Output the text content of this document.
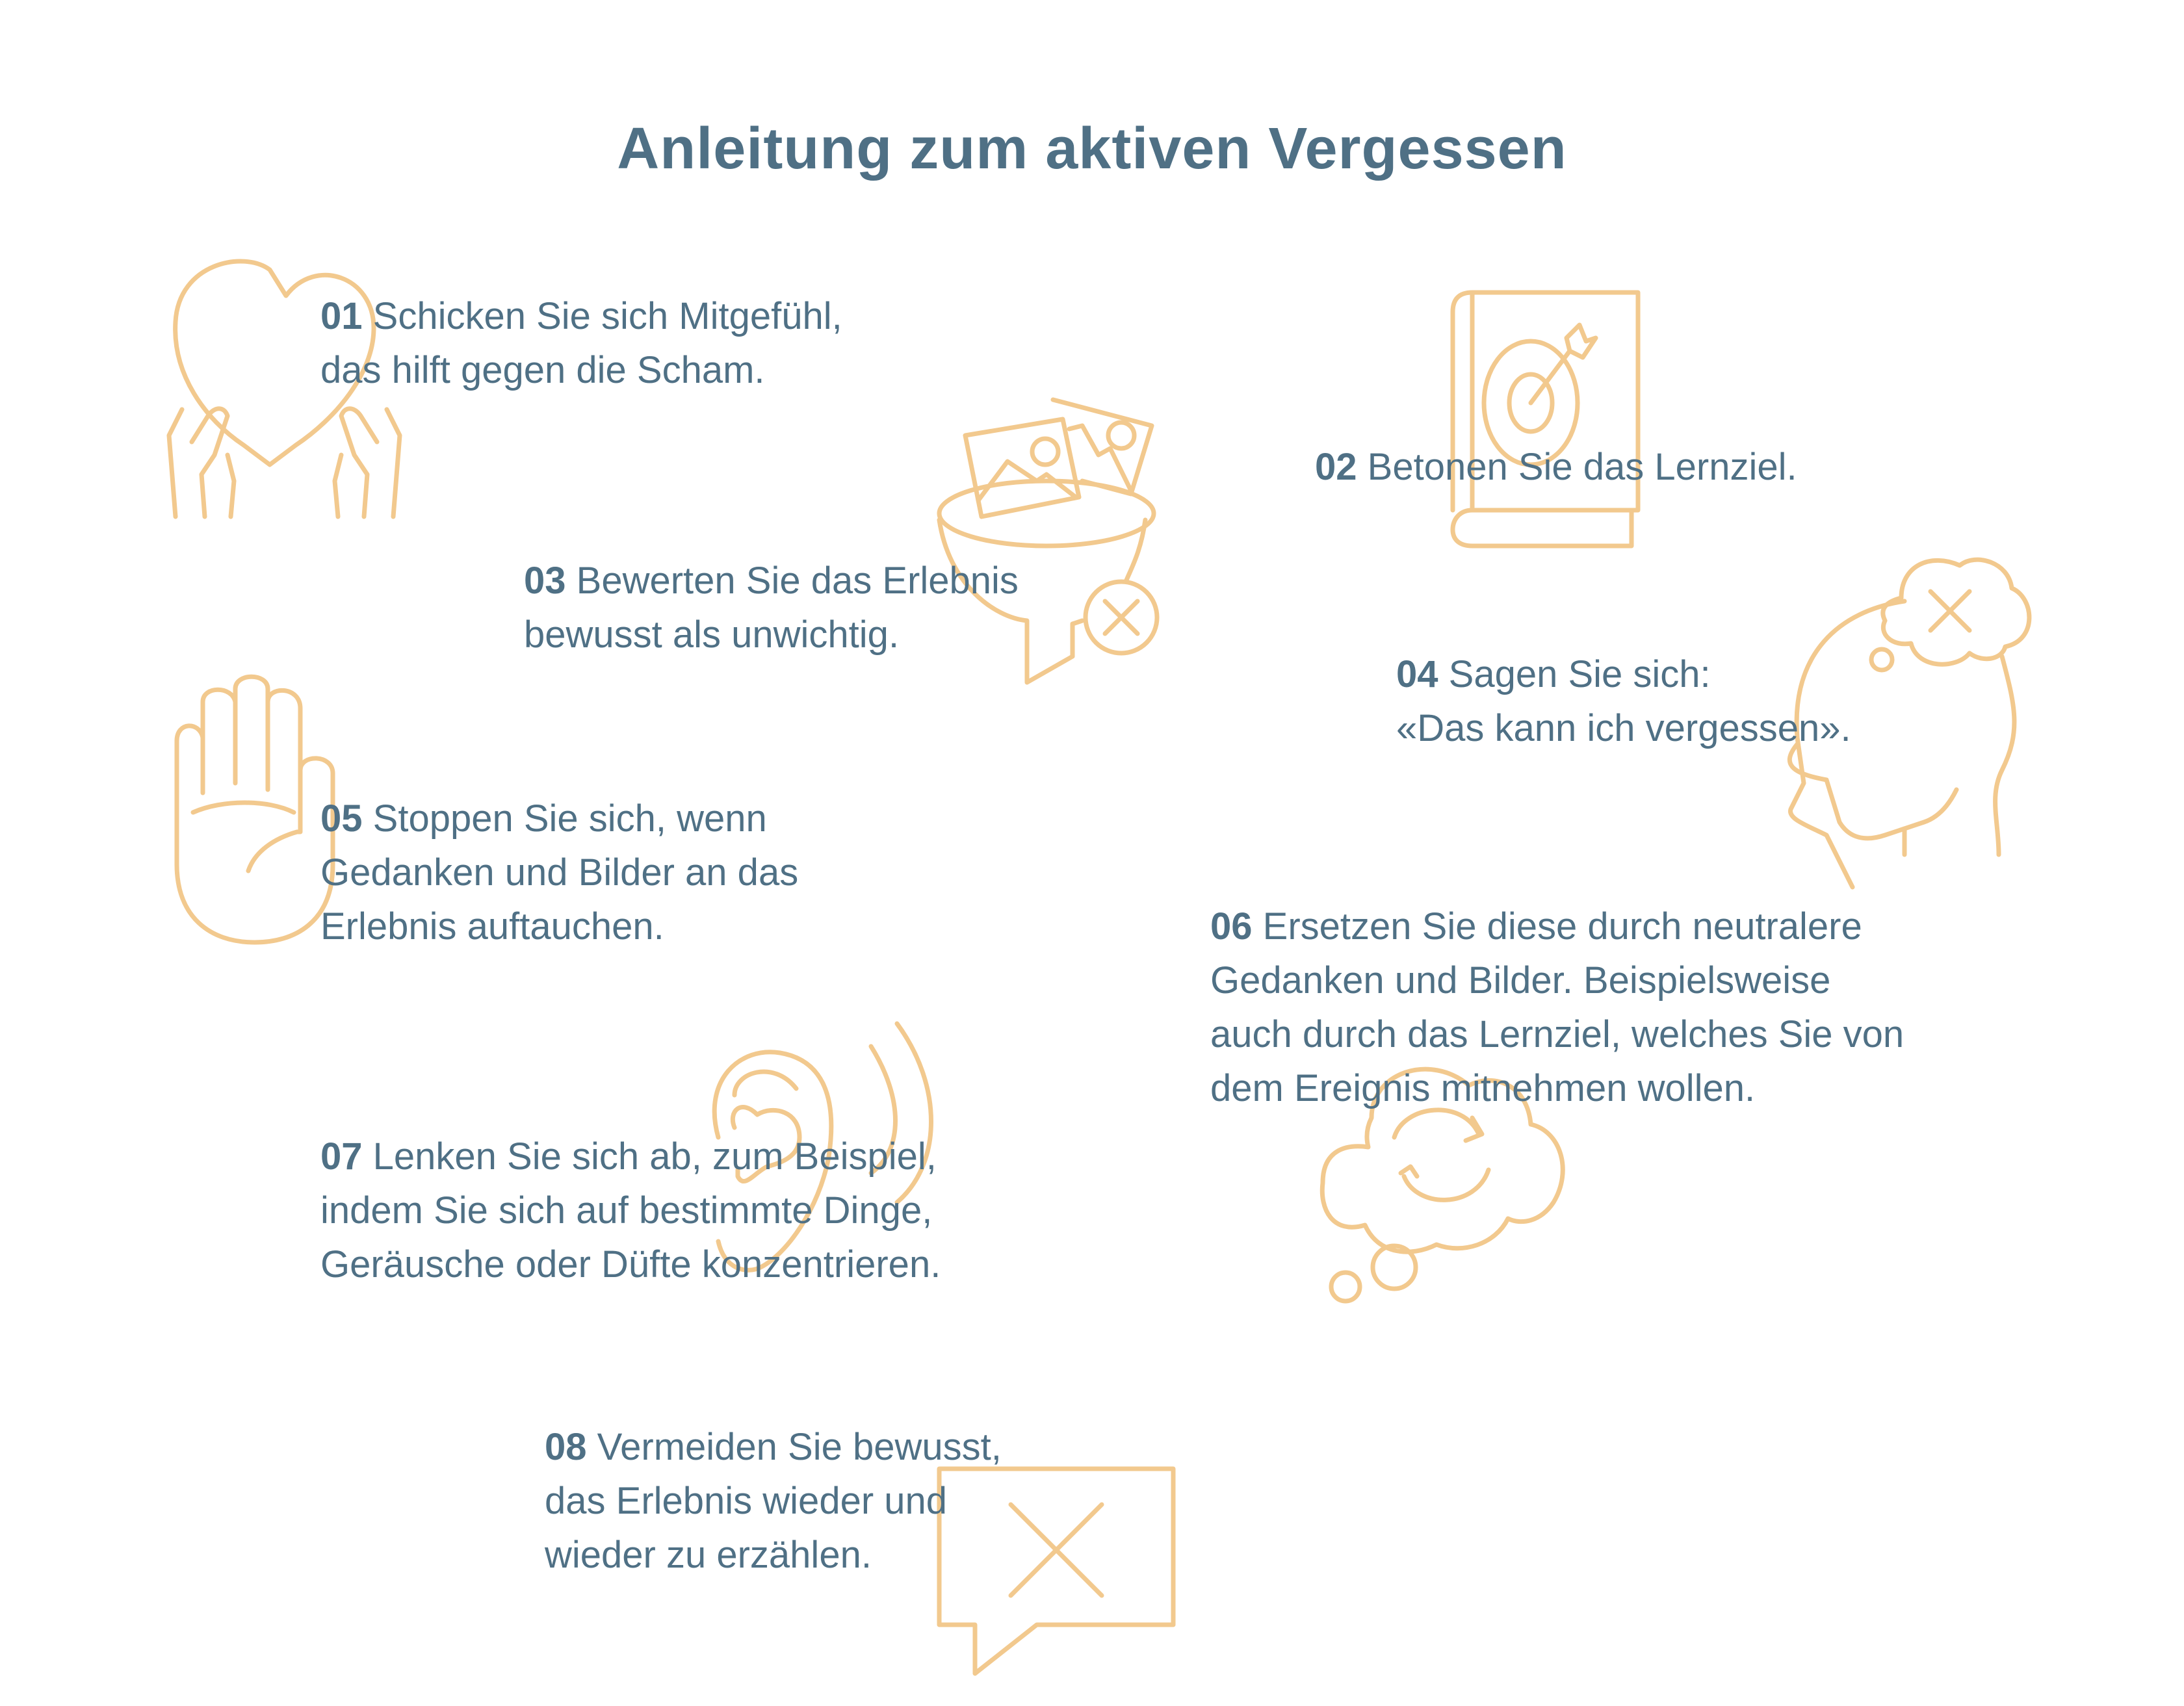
Anleitung zum aktiven Vergessen
01 Schicken Sie sich Mitgefühl,
das hilft gegen die Scham.
02 Betonen Sie das Lernziel.
03 Bewerten Sie das Erlebnis
bewusst als unwichtig.
04 Sagen Sie sich:
«Das kann ich vergessen».
05 Stoppen Sie sich, wenn
Gedanken und Bilder an das
Erlebnis auftauchen.	06 Ersetzen Sie diese durch neutralere
Gedanken und Bilder. Beispielsweise
auch durch das Lernziel, welches Sie von
dem Ereignis mitnehmen wollen.
07 Lenken Sie sich ab, zum Beispiel,
indem Sie sich auf bestimmte Dinge,
Geräusche oder Düfte konzentrieren.
08 Vermeiden Sie bewusst,
das Erlebnis wieder und
wieder zu erzählen.
